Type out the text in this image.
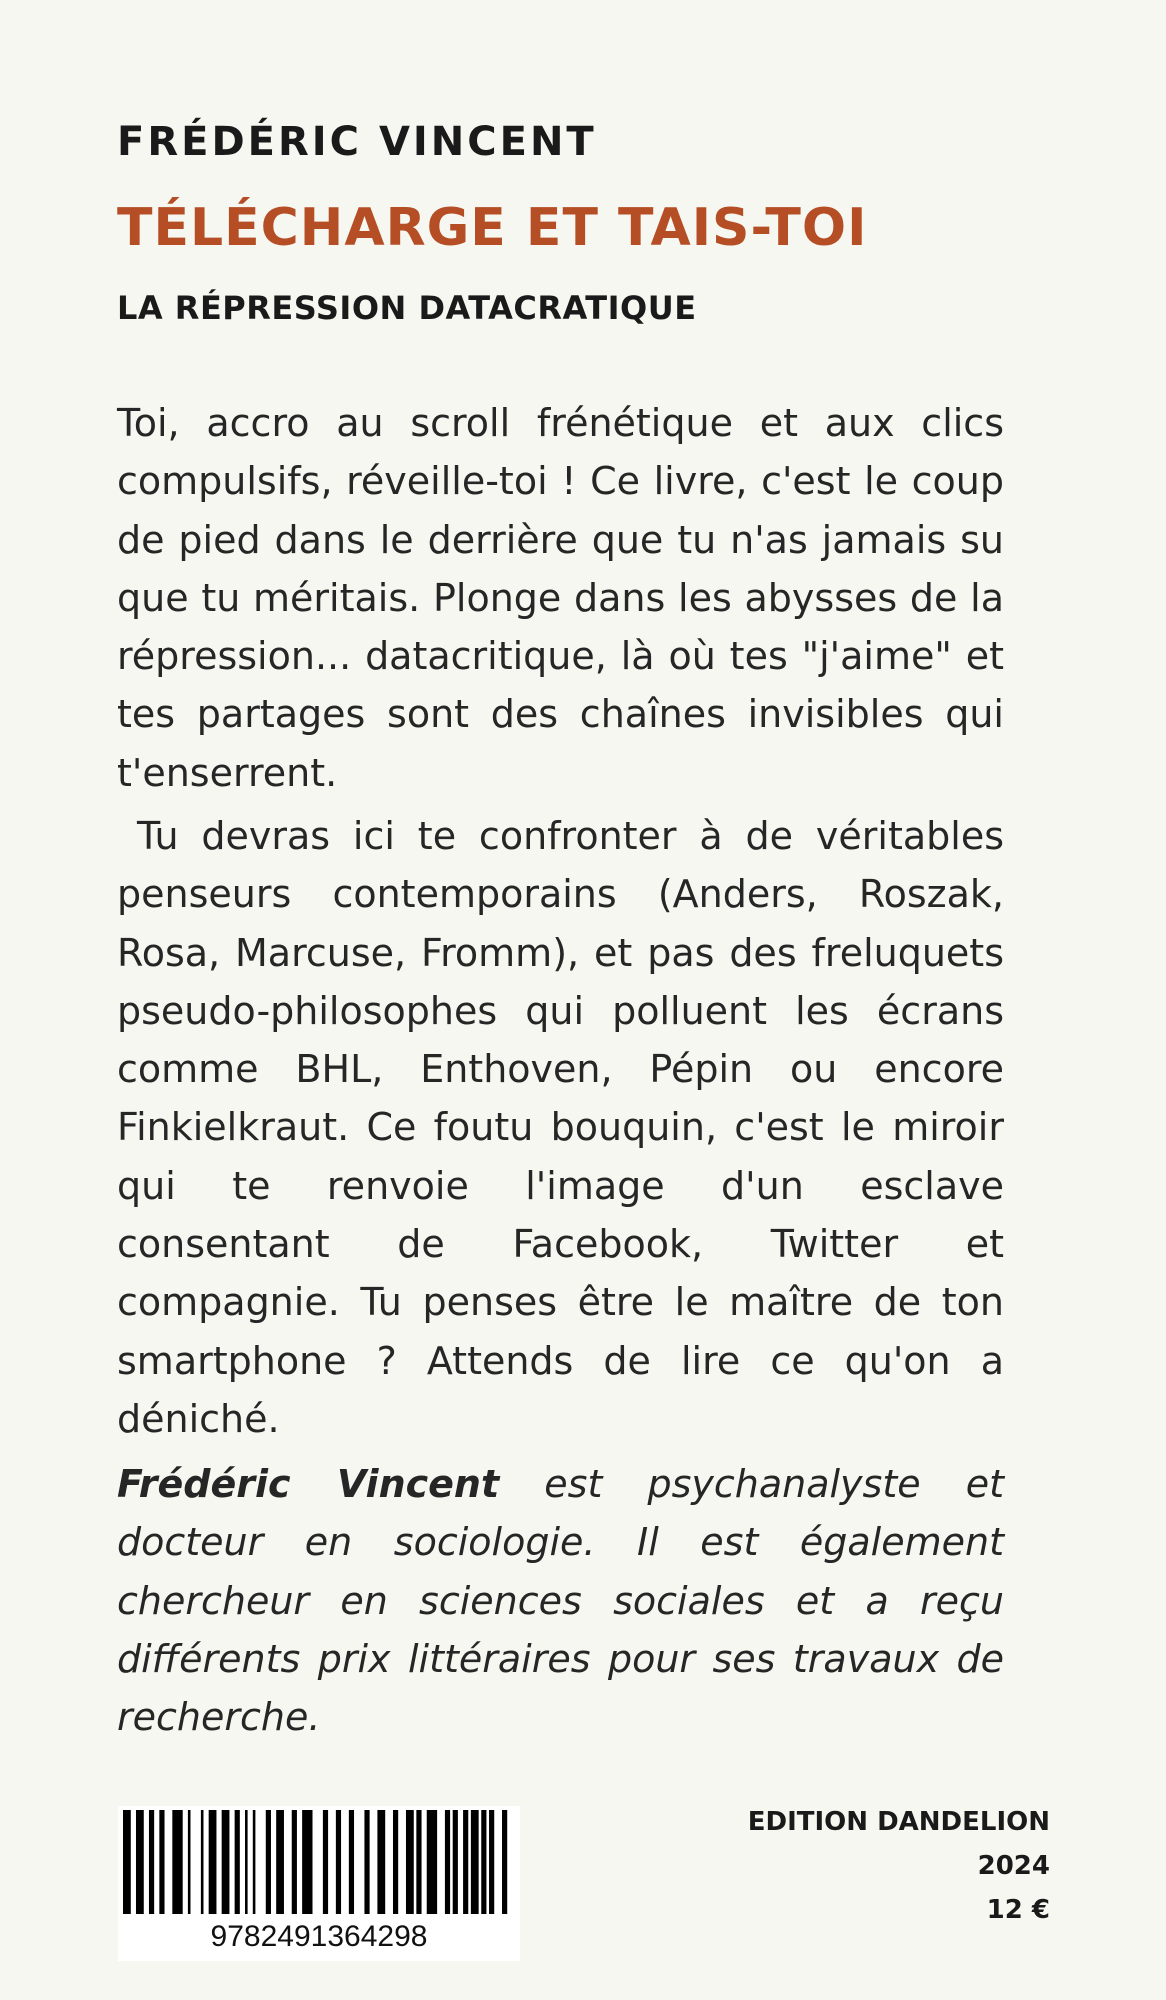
FRÉDÉRIC VINCENT
TÉLÉCHARGE ET TAIS-TOI
LA RÉPRESSION DATACRATIQUE

Toi, accro au scroll frénétique et aux clics compulsifs, réveille-toi ! Ce livre, c'est le coup de pied dans le derrière que tu n'as jamais su que tu méritais. Plonge dans les abysses de la répression... datacritique, là où tes "j'aime" et tes partages sont des chaînes invisibles qui t'enserrent.

Tu devras ici te confronter à de véritables penseurs contemporains (Anders, Roszak, Rosa, Marcuse, Fromm), et pas des freluquets pseudo-philosophes qui polluent les écrans comme BHL, Enthoven, Pépin ou encore Finkielkraut. Ce foutu bouquin, c'est le miroir qui te renvoie l'image d'un esclave consentant de Facebook, Twitter et compagnie. Tu penses être le maître de ton smartphone ? Attends de lire ce qu'on a déniché.

Frédéric Vincent est psychanalyste et docteur en sociologie. Il est également chercheur en sciences sociales et a reçu différents prix littéraires pour ses travaux de recherche.

9782491364298
EDITION DANDELION
2024
12 €
